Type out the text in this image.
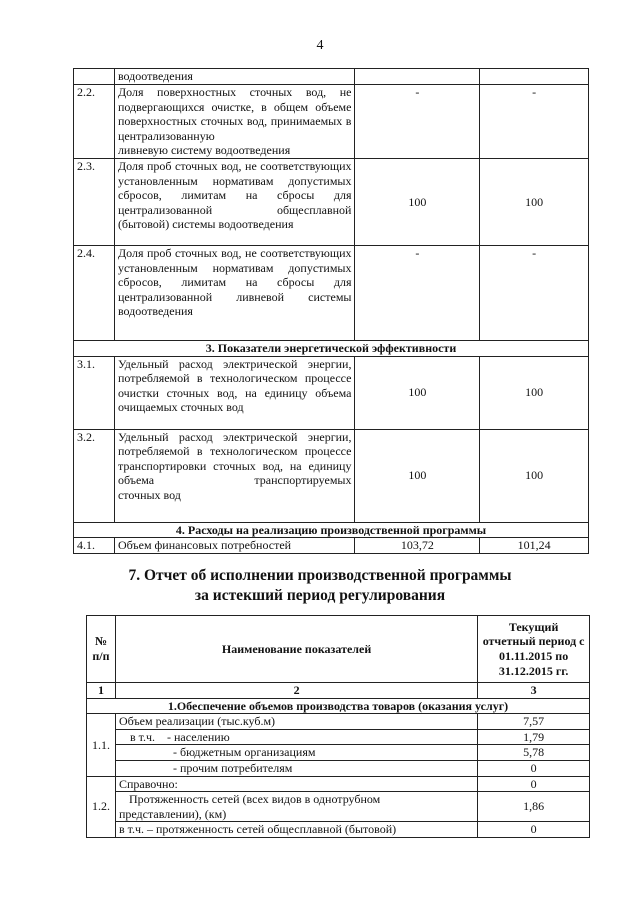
4
	водоотведения		
2.2.	Доля поверхностных сточных вод, не подвергающихся очистке, в общем объеме поверхностных сточных вод, принимаемых в централизованную
ливневую систему водоотведения	-	-
2.3.	Доля проб сточных вод, не соответствующих установленным нормативам допустимых сбросов, лимитам на сбросы для централизованной общесплавной
(бытовой) системы водоотведения	100	100
2.4.	Доля проб сточных вод, не соответствующих установленным нормативам допустимых сбросов, лимитам на сбросы для централизованной ливневой системы
водоотведения	-	-
3. Показатели энергетической эффективности			
3.1.	Удельный расход электрической энергии, потребляемой в технологическом процессе очистки сточных вод, на единицу объема
очищаемых сточных вод	100	100
3.2.	Удельный расход электрической энергии, потребляемой в технологическом процессе транспортировки сточных вод, на единицу объема транспортируемых
сточных вод	100	100
4. Расходы на реализацию производственной программы			
4.1.	Объем финансовых потребностей	103,72	101,24
7. Отчет об исполнении производственной программы
за истекший период регулирования
№ п/п	Наименование показателей	Текущий отчетный период с 01.11.2015 по 31.12.2015 гг.
1	2	3
1.Обеспечение объемов производства товаров (оказания услуг)		
1.1.	Объем реализации (тыс.куб.м)	7,57
	в т.ч.    - населению	1,79
	- бюджетным организациям	5,78
	- прочим потребителям	0
1.2.	Справочно:	0
	Протяженность сетей (всех видов в однотрубном представлении), (км)	1,86
	в т.ч. – протяженность сетей общесплавной (бытовой)	0
